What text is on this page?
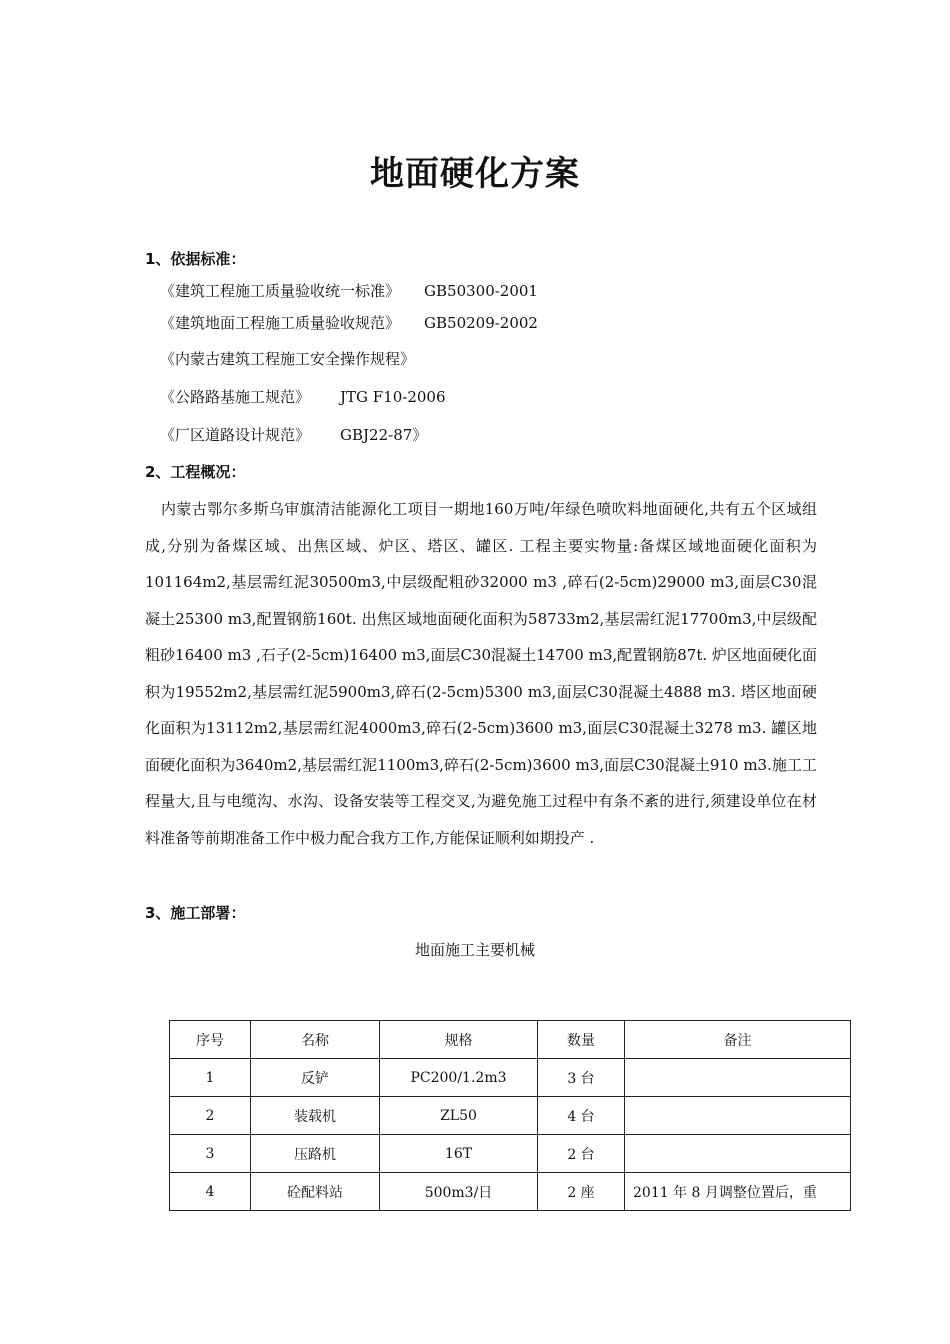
地面硬化方案
1、依据标准：
《建筑工程施工质量验收统一标准》 GB50300-2001
《建筑地面工程施工质量验收规范》 GB50209-2002
《内蒙古建筑工程施工安全操作规程》
《公路路基施工规范》 JTG F10-2006
《厂区道路设计规范》 GBJ22-87》
2、工程概况：
内蒙古鄂尔多斯乌审旗清洁能源化工项目一期地160万吨/年绿色喷吹料地面硬化,共有五个区域组成,分别为备煤区域、出焦区域、炉区、塔区、罐区. 工程主要实物量:备煤区域地面硬化面积为101164m2,基层需红泥30500m3,中层级配粗砂32000 m3 ,碎石(2-5cm)29000 m3,面层C30混凝土25300 m3,配置钢筋160t. 出焦区域地面硬化面积为58733m2,基层需红泥17700m3,中层级配粗砂16400 m3 ,石子(2-5cm)16400 m3,面层C30混凝土14700 m3,配置钢筋87t. 炉区地面硬化面积为19552m2,基层需红泥5900m3,碎石(2-5cm)5300 m3,面层C30混凝土4888 m3. 塔区地面硬化面积为13112m2,基层需红泥4000m3,碎石(2-5cm)3600 m3,面层C30混凝土3278 m3. 罐区地面硬化面积为3640m2,基层需红泥1100m3,碎石(2-5cm)3600 m3,面层C30混凝土910 m3.施工工程量大,且与电缆沟、水沟、设备安装等工程交叉,为避免施工过程中有条不紊的进行,须建设单位在材料准备等前期准备工作中极力配合我方工作,方能保证顺利如期投产 .
3、施工部署：
地面施工主要机械
序号	名称	规格	数量	备注
1	反铲	PC200/1.2m3	3 台	
2	装载机	ZL50	4 台	
3	压路机	16T	2 台	
4	砼配料站	500m3/日	2 座	2011 年 8 月调整位置后，重
